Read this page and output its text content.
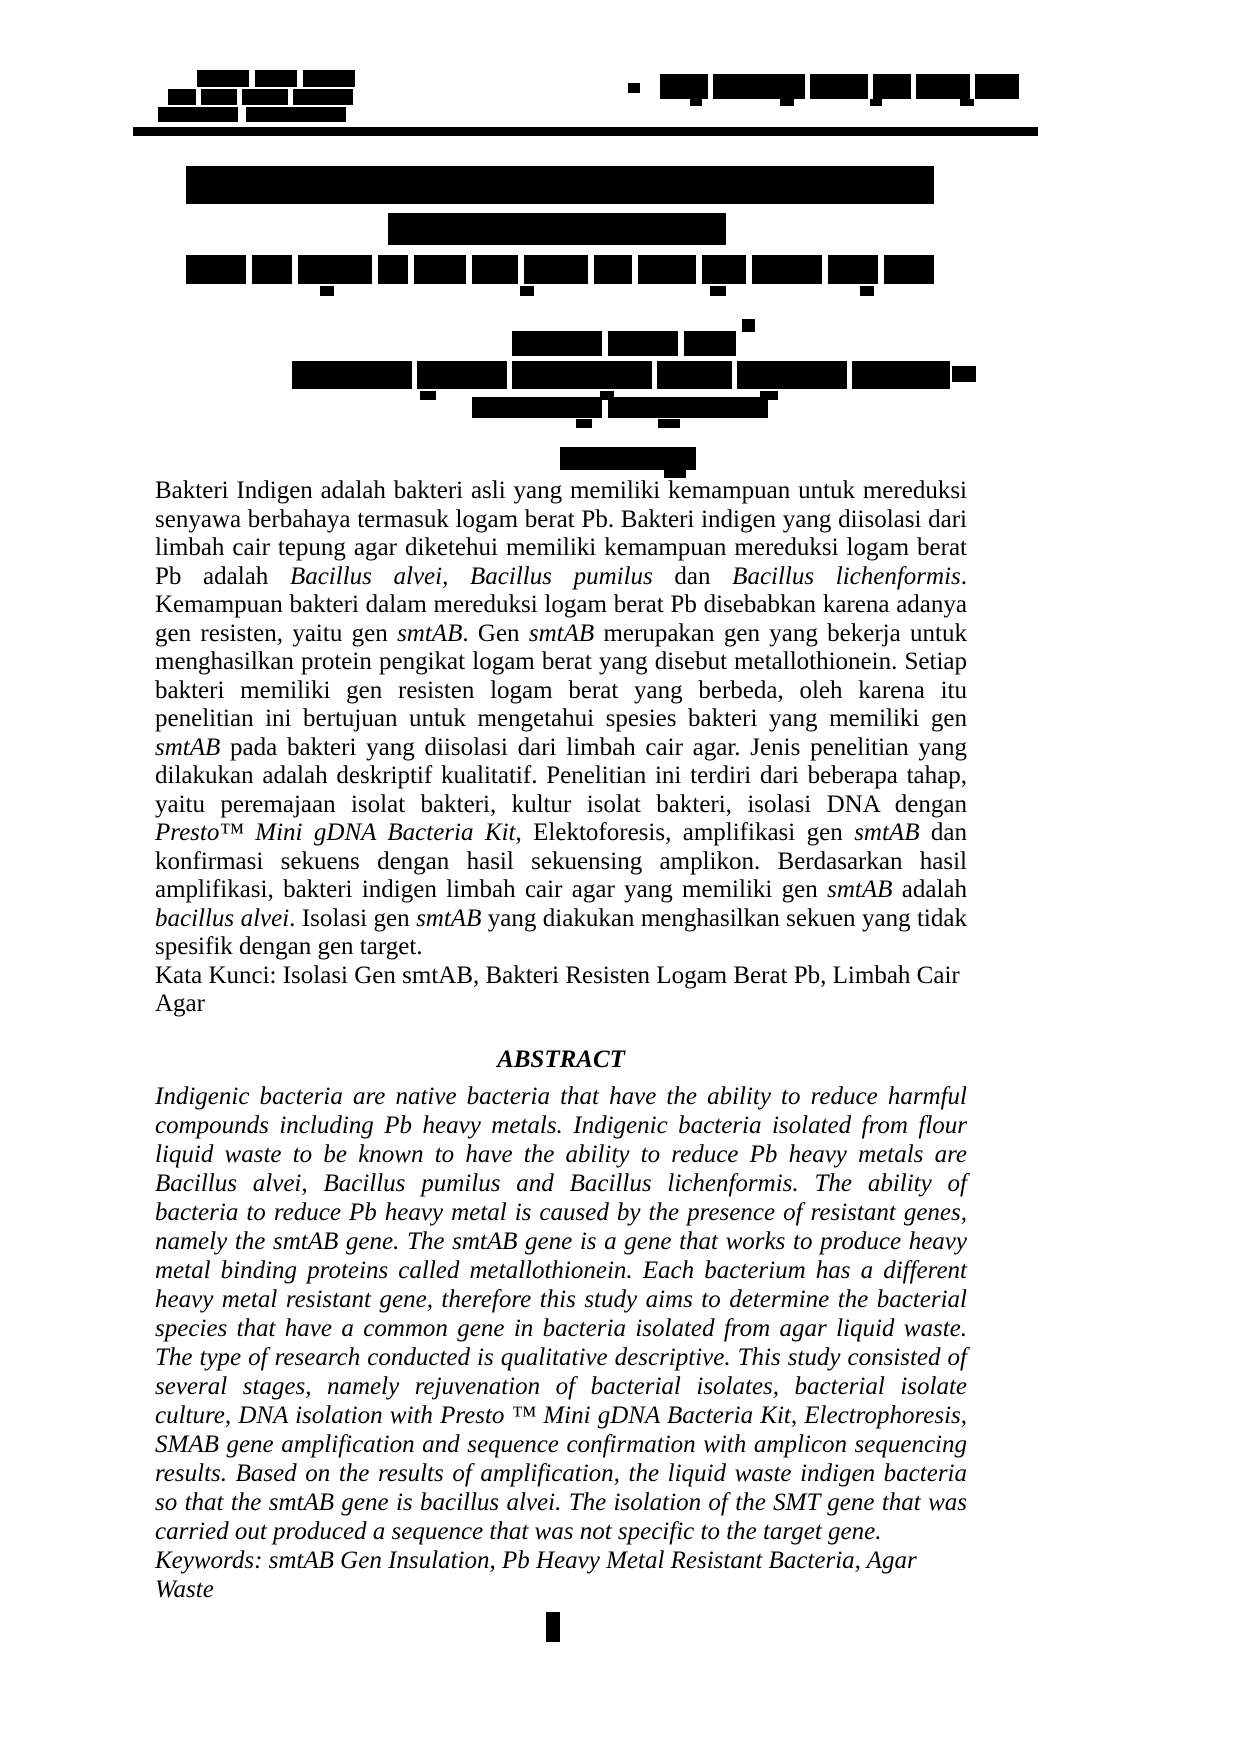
Bakteri Indigen adalah bakteri asli yang memiliki kemampuan untuk mereduksi senyawa berbahaya termasuk logam berat Pb. Bakteri indigen yang diisolasi dari limbah cair tepung agar diketehui memiliki kemampuan mereduksi logam berat Pb adalah Bacillus alvei, Bacillus pumilus dan Bacillus lichenformis. Kemampuan bakteri dalam mereduksi logam berat Pb disebabkan karena adanya gen resisten, yaitu gen smtAB. Gen smtAB merupakan gen yang bekerja untuk menghasilkan protein pengikat logam berat yang disebut metallothionein. Setiap bakteri memiliki gen resisten logam berat yang berbeda, oleh karena itu penelitian ini bertujuan untuk mengetahui spesies bakteri yang memiliki gen smtAB pada bakteri yang diisolasi dari limbah cair agar. Jenis penelitian yang dilakukan adalah deskriptif kualitatif. Penelitian ini terdiri dari beberapa tahap, yaitu peremajaan isolat bakteri, kultur isolat bakteri, isolasi DNA dengan Presto™ Mini gDNA Bacteria Kit, Elektoforesis, amplifikasi gen smtAB dan konfirmasi sekuens dengan hasil sekuensing amplikon. Berdasarkan hasil amplifikasi, bakteri indigen limbah cair agar yang memiliki gen smtAB adalah bacillus alvei. Isolasi gen smtAB yang diakukan menghasilkan sekuen yang tidak spesifik dengan gen target.

Kata Kunci: Isolasi Gen smtAB, Bakteri Resisten Logam Berat Pb, Limbah Cair Agar

ABSTRACT

Indigenic bacteria are native bacteria that have the ability to reduce harmful compounds including Pb heavy metals. Indigenic bacteria isolated from flour liquid waste to be known to have the ability to reduce Pb heavy metals are Bacillus alvei, Bacillus pumilus and Bacillus lichenformis. The ability of bacteria to reduce Pb heavy metal is caused by the presence of resistant genes, namely the smtAB gene. The smtAB gene is a gene that works to produce heavy metal binding proteins called metallothionein. Each bacterium has a different heavy metal resistant gene, therefore this study aims to determine the bacterial species that have a common gene in bacteria isolated from agar liquid waste. The type of research conducted is qualitative descriptive. This study consisted of several stages, namely rejuvenation of bacterial isolates, bacterial isolate culture, DNA isolation with Presto ™ Mini gDNA Bacteria Kit, Electrophoresis, SMAB gene amplification and sequence confirmation with amplicon sequencing results. Based on the results of amplification, the liquid waste indigen bacteria so that the smtAB gene is bacillus alvei. The isolation of the SMT gene that was carried out produced a sequence that was not specific to the target gene.

Keywords: smtAB Gen Insulation, Pb Heavy Metal Resistant Bacteria, Agar Waste
